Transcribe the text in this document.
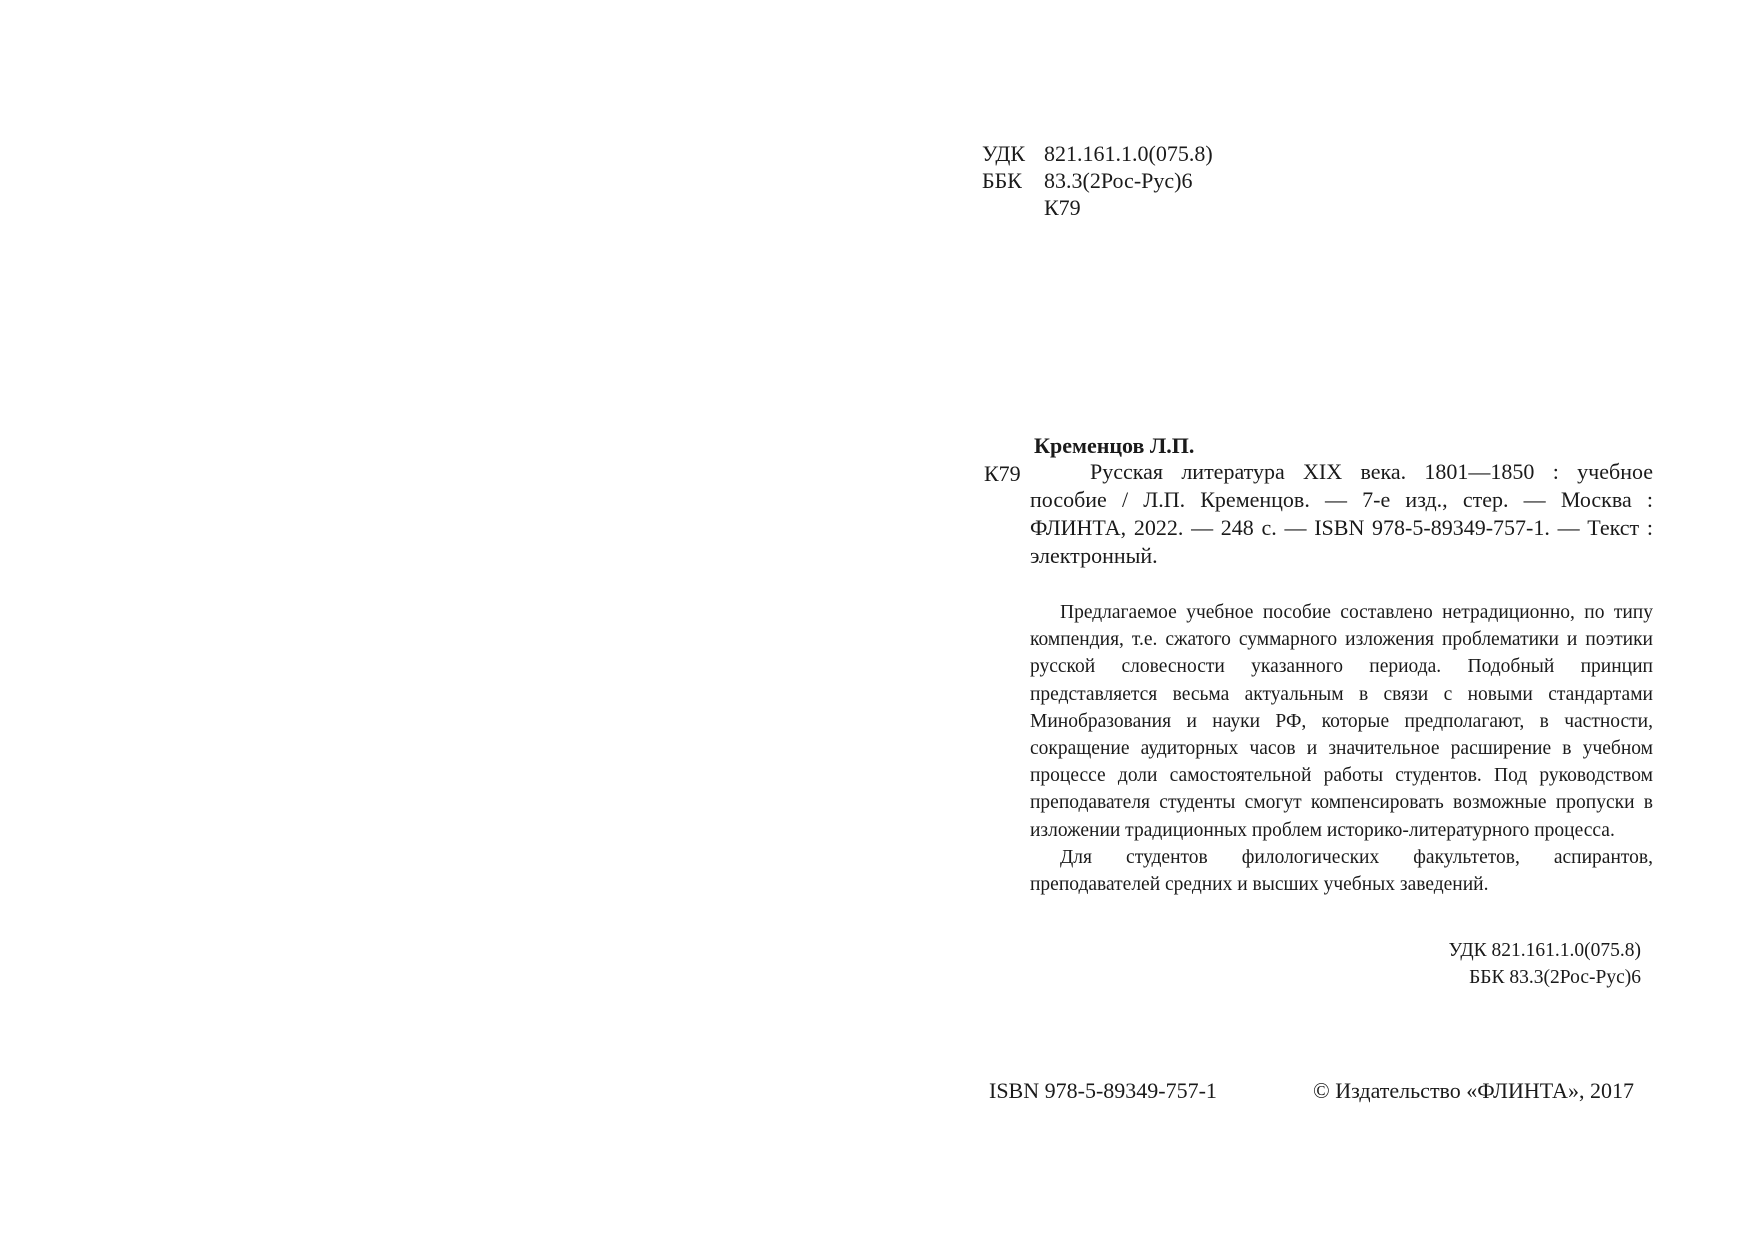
УДК 821.161.1.0(075.8)
ББК 83.3(2Рос-Рус)6
К79
Кременцов Л.П.
К79	Русская литература XIX века. 1801—1850 : учебное пособие / Л.П. Кременцов. — 7-е изд., стер. — Москва : ФЛИНТА, 2022. — 248 с. — ISBN 978-5-89349-757-1. — Текст : электронный.

Предлагаемое учебное пособие составлено нетрадиционно, по типу компендия, т.е. сжатого суммарного изложения проблематики и поэтики русской словесности указанного периода. Подобный принцип представляется весьма актуальным в связи с новыми стандартами Минобразования и науки РФ, которые предполагают, в частности, сокращение аудиторных часов и значительное расширение в учебном процессе доли самостоятельной работы студентов. Под руководством преподавателя студенты смогут компенсировать возможные пропуски в изложении традиционных проблем историко-литературного процесса.

Для студентов филологических факультетов, аспирантов, преподавателей средних и высших учебных заведений.

УДК 821.161.1.0(075.8)
ББК 83.3(2Рос-Рус)6
ISBN 978-5-89349-757-1	© Издательство «ФЛИНТА», 2017
